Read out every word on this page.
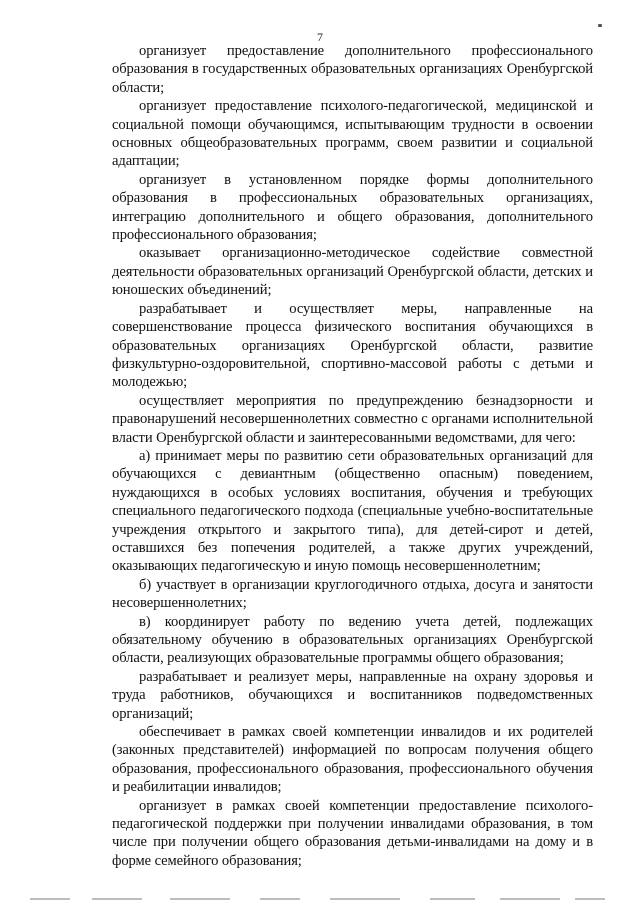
7

организует предоставление дополнительного профессионального образования в государственных образовательных организациях Оренбургской области;

организует предоставление психолого-педагогической, медицинской и социальной помощи обучающимся, испытывающим трудности в освоении основных общеобразовательных программ, своем развитии и социальной адаптации;

организует в установленном порядке формы дополнительного образования в профессиональных образовательных организациях, интеграцию дополнительного и общего образования, дополнительного профессионального образования;

оказывает организационно-методическое содействие совместной деятельности образовательных организаций Оренбургской области, детских и юношеских объединений;

разрабатывает и осуществляет меры, направленные на совершенствование процесса физического воспитания обучающихся в образовательных организациях Оренбургской области, развитие физкультурно-оздоровительной, спортивно-массовой работы с детьми и молодежью;

осуществляет мероприятия по предупреждению безнадзорности и правонарушений несовершеннолетних совместно с органами исполнительной власти Оренбургской области и заинтересованными ведомствами, для чего:

а) принимает меры по развитию сети образовательных организаций для обучающихся с девиантным (общественно опасным) поведением, нуждающихся в особых условиях воспитания, обучения и требующих специального педагогического подхода (специальные учебно-воспитательные учреждения открытого и закрытого типа), для детей-сирот и детей, оставшихся без попечения родителей, а также других учреждений, оказывающих педагогическую и иную помощь несовершеннолетним;

б) участвует в организации круглогодичного отдыха, досуга и занятости несовершеннолетних;

в) координирует работу по ведению учета детей, подлежащих обязательному обучению в образовательных организациях Оренбургской области, реализующих образовательные программы общего образования;

разрабатывает и реализует меры, направленные на охрану здоровья и труда работников, обучающихся и воспитанников подведомственных организаций;

обеспечивает в рамках своей компетенции инвалидов и их родителей (законных представителей) информацией по вопросам получения общего образования, профессионального образования, профессионального обучения и реабилитации инвалидов;

организует в рамках своей компетенции предоставление психолого-педагогической поддержки при получении инвалидами образования, в том числе при получении общего образования детьми-инвалидами на дому и в форме семейного образования;
